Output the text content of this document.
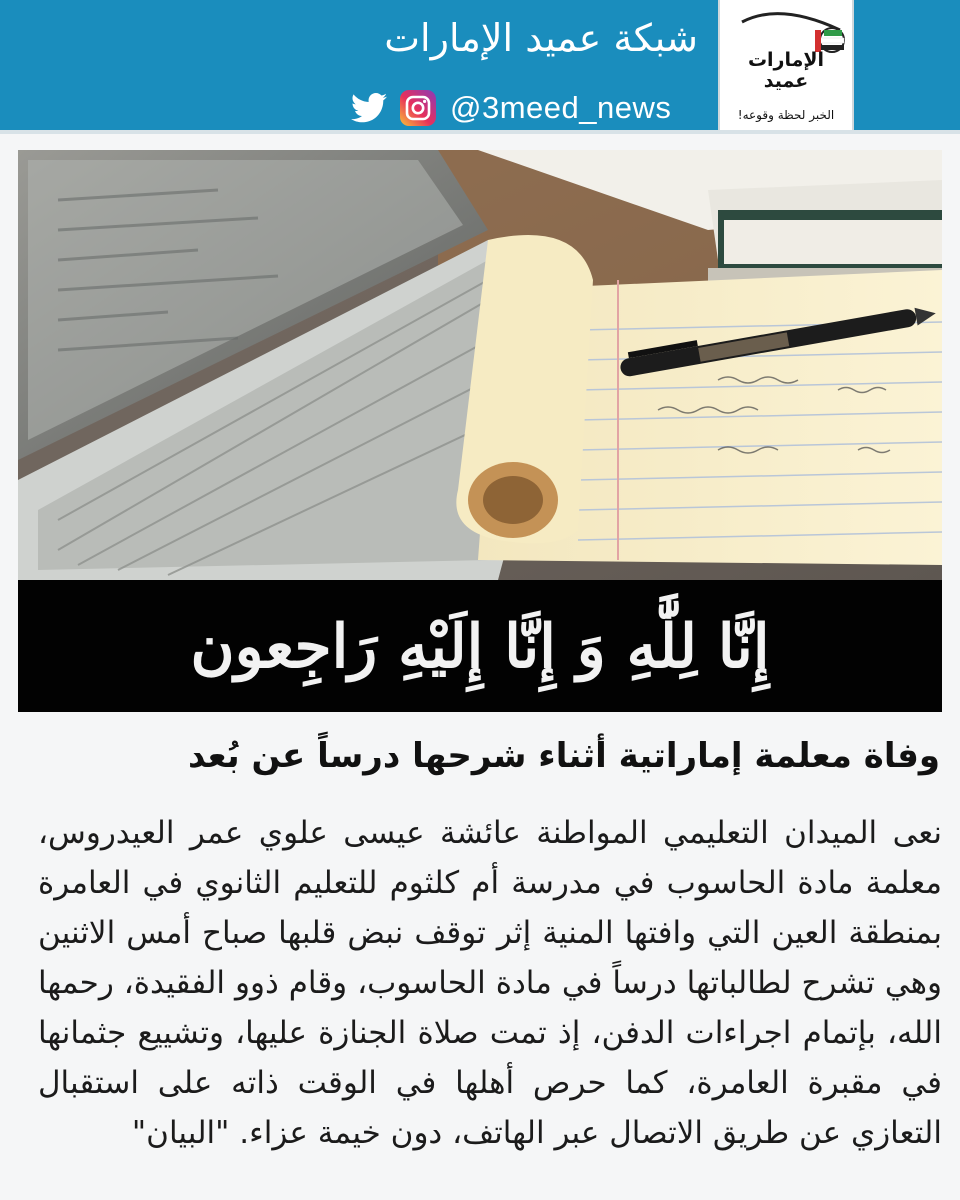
@3meed_news
شبكة عميد الإمارات	الإمارات
عميد
الخبر لحظة وقوعه!
إِنَّا لِلَّٰهِ وَ إِنَّا إِلَيْهِ رَاجِعون
وفاة معلمة إماراتية أثناء شرحها درساً عن بُعد
نعى الميدان التعليمي المواطنة عائشة عيسى علوي عمر العيدروس، معلمة مادة الحاسوب في مدرسة أم كلثوم للتعليم الثانوي في العامرة بمنطقة العين التي وافتها المنية إثر توقف نبض قلبها صباح أمس الاثنين وهي تشرح لطالباتها درساً في مادة الحاسوب، وقام ذوو الفقيدة، رحمها الله، بإتمام اجراءات الدفن، إذ تمت صلاة الجنازة عليها، وتشييع جثمانها في مقبرة العامرة، كما حرص أهلها في الوقت ذاته على استقبال التعازي عن طريق الاتصال عبر الهاتف، دون خيمة عزاء. "البيان"
